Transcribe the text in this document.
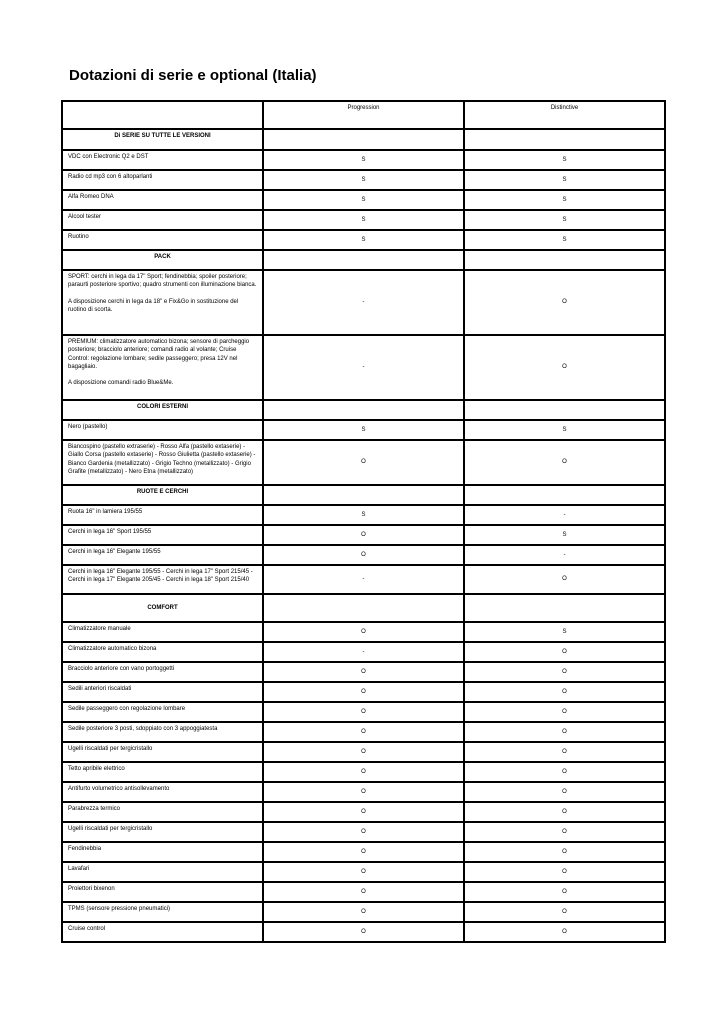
Dotazioni di serie e optional (Italia)
	Progression	Distinctive
Di SERIE SU TUTTE LE VERSIONI		
VDC con Electronic Q2 e DST	S	S
Radio cd mp3 con 6 altoparlanti	S	S
Alfa Romeo DNA	S	S
Alcool tester	S	S
Ruotino	S	S
PACK		

SPORT: cerchi in lega da 17" Sport; fendinebbia; spoiler posteriore; paraurti posteriore sportivo; quadro strumenti con illuminazione bianca.
A disposizione cerchi in lega da 18" e Fix&Go in sostituzione del ruotino di scorta.	-	O

PREMIUM: climatizzatore automatico bizona; sensore di parcheggio posteriore; bracciolo anteriore; comandi radio al volante; Cruise Control: regolazione lombare; sedile passeggero; presa 12V nel bagagliaio.
A disposizione comandi radio Blue&Me.	-	O
COLORI ESTERNI		
Nero (pastello)	S	S
Biancospino (pastello extraserie) - Rosso Alfa (pastello extaserie) - Giallo Corsa (pastello extaserie) - Rosso Giulietta (pastello extaserie) - Bianco Gardenia (metallizzato) - Grigio Techno (metallizzato) - Grigio Grafite (metallizzato) - Nero Etna (metallizzato)	O	O
RUOTE E CERCHI		
Ruota 16" in lamiera 195/55	S	-
Cerchi in lega 16" Sport 195/55	O	S
Cerchi in lega 16" Elegante 195/55	O	-
Cerchi in lega 16" Elegante 195/55 - Cerchi in lega 17" Sport 215/45 - Cerchi in lega 17" Elegante 205/45 - Cerchi in lega 18" Sport 215/40	-	O
COMFORT		
Climatizzatore manuale	O	S
Climatizzatore automatico bizona	-	O
Bracciolo anteriore con vano portoggetti	O	O
Sedili anteriori riscaldati	O	O
Sedile passeggero con regolazione lombare	O	O
Sedile posteriore 3 posti, sdoppiato con 3 appoggiatesta	O	O
Ugelli riscaldati per tergicristallo	O	O
Tetto apribile elettrico	O	O
Antifurto volumetrico antisollevamento	O	O
Parabrezza termico	O	O
Ugelli riscaldati per tergicristallo	O	O
Fendinebbia	O	O
Lavafari	O	O
Proiettori bixenon	O	O
TPMS (sensore pressione pneumatici)	O	O
Cruise control	O	O
